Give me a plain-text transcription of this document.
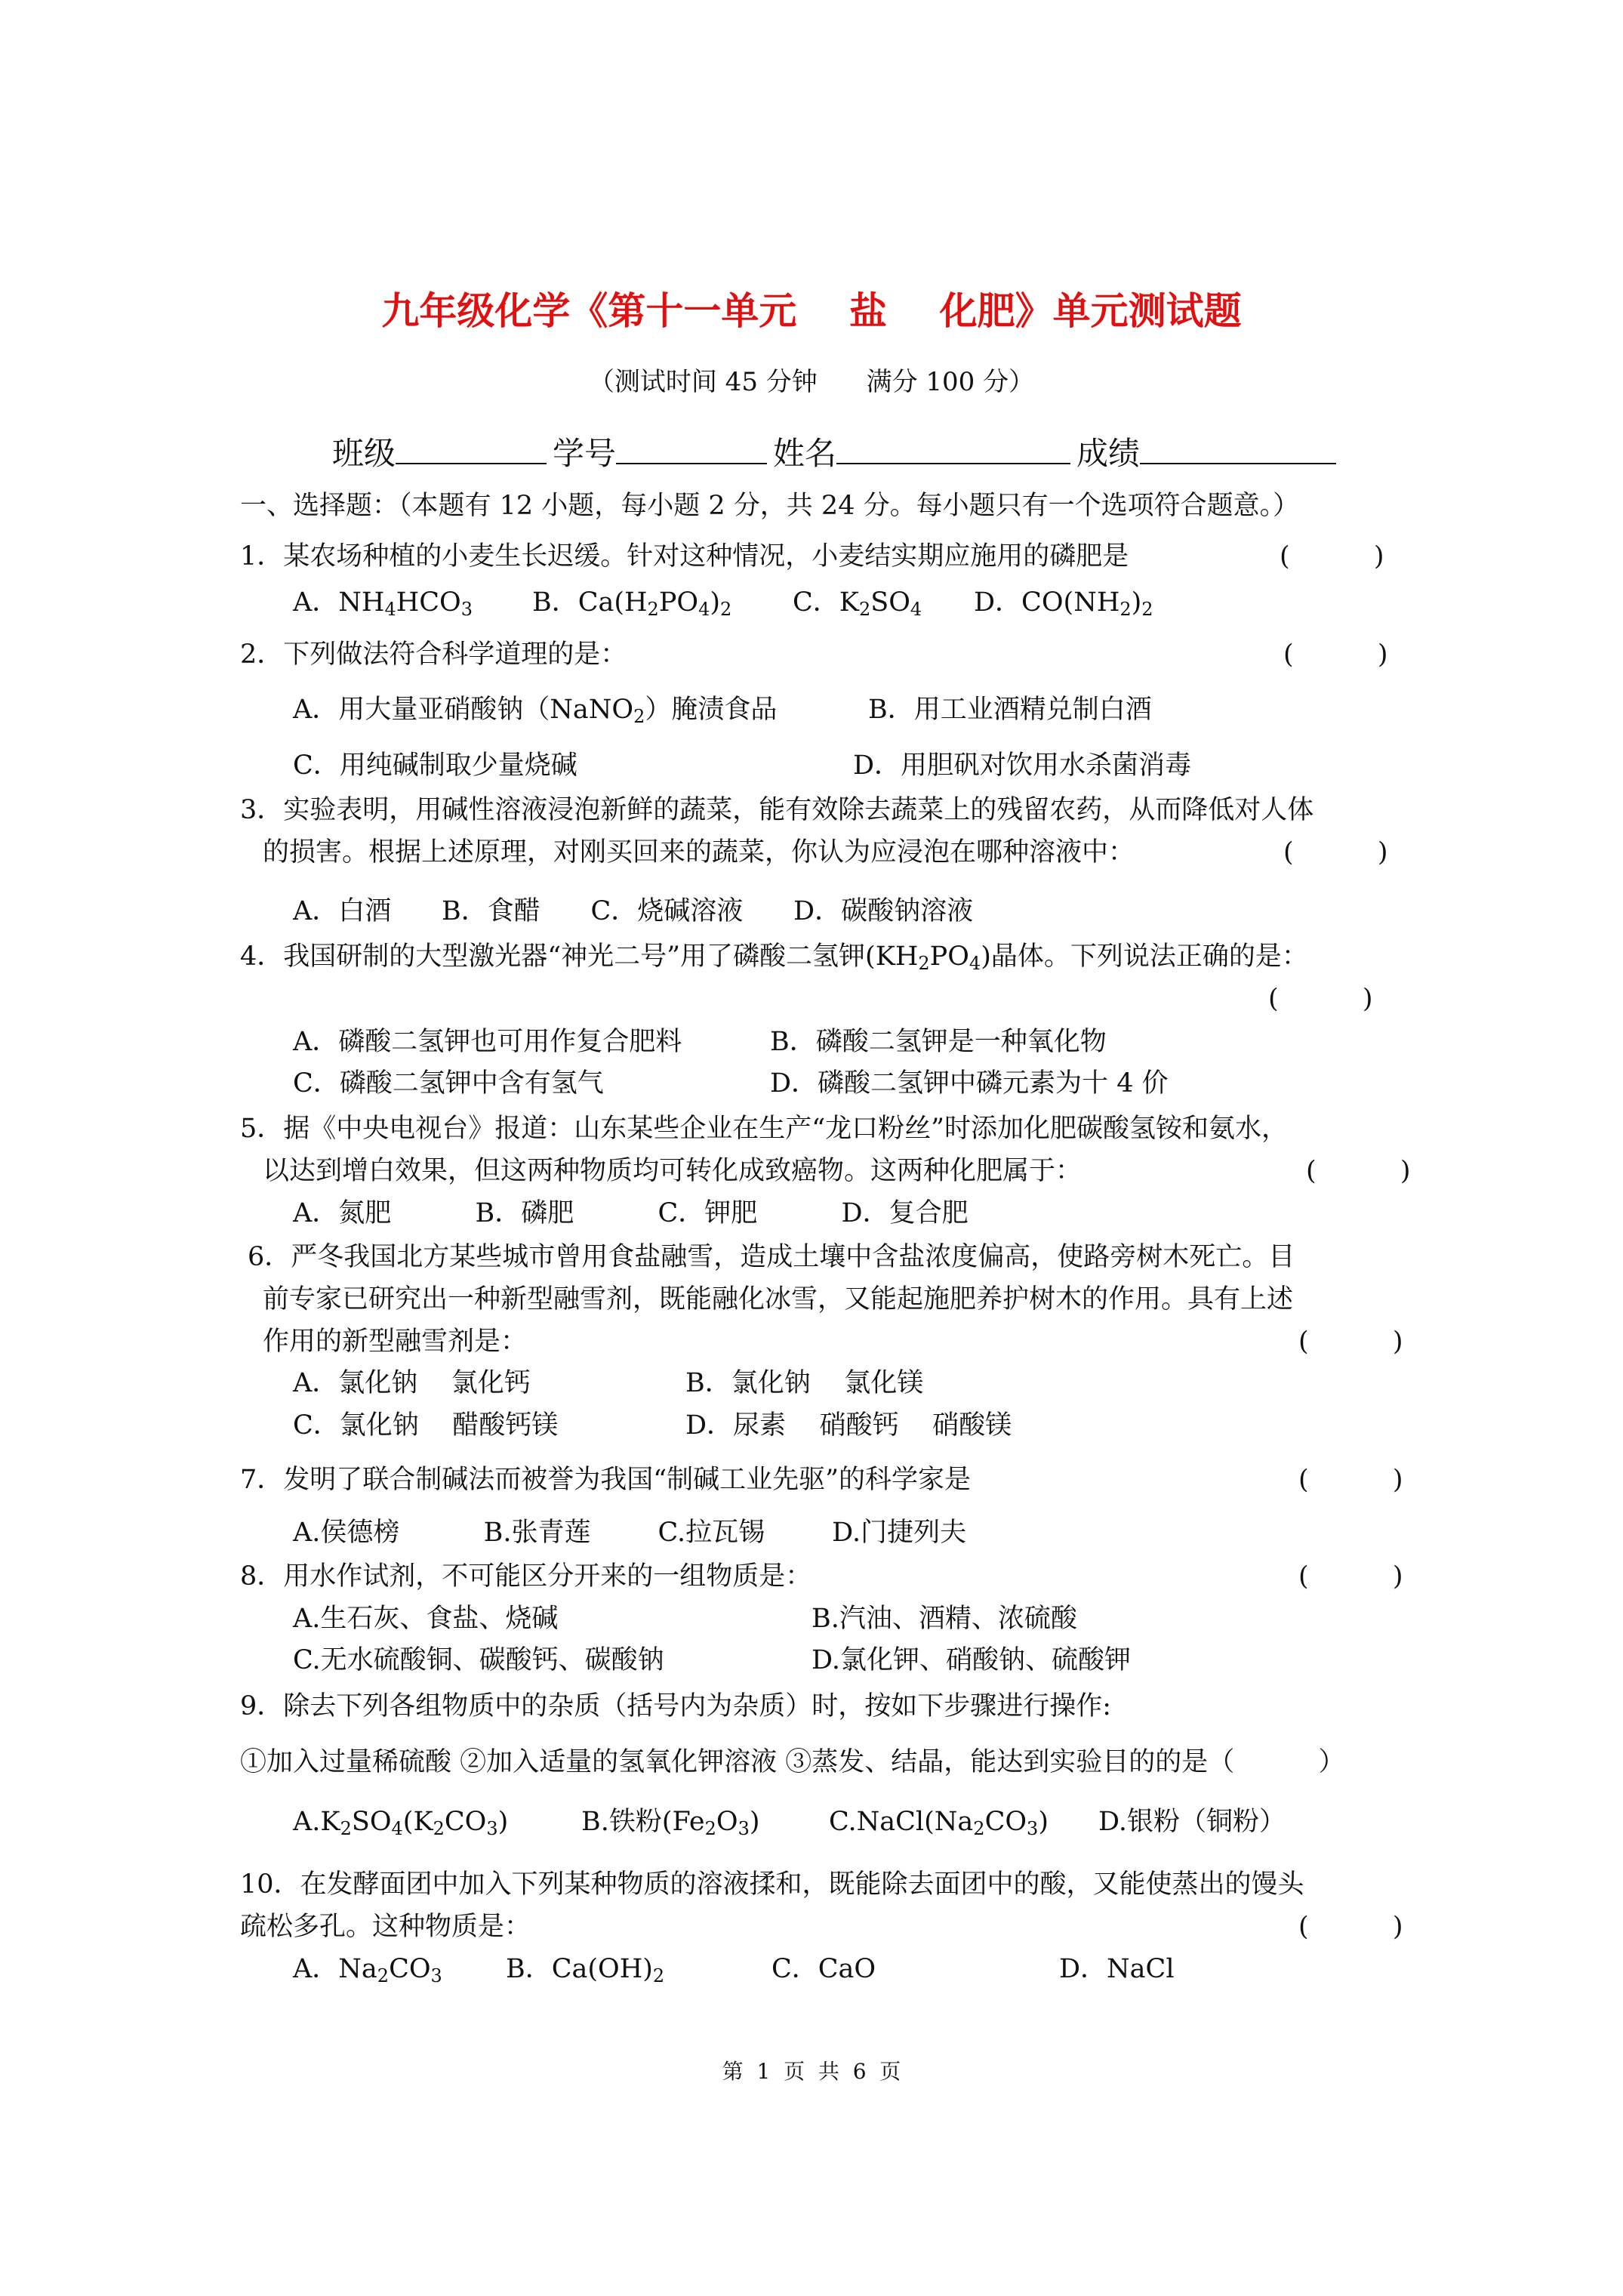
九年级化学《第十一单元    盐    化肥》单元测试题
（测试时间 45 分钟      满分 100 分）
班级	学号	姓名	成绩
一、选择题：（本题有 12 小题，每小题 2 分，共 24 分。每小题只有一个选项符合题意。）
1．某农场种植的小麦生长迟缓。针对这种情况，小麦结实期应施用的磷肥是	(          )
A．$NH_4HCO_3$ B．$Ca(H_2PO_4)_2$ C．$K_2SO_4$ D．$CO(NH_2)_2$
2．下列做法符合科学道理的是：	(          )
A．用大量亚硝酸钠（NaNO$_2$）腌渍食品	B．用工业酒精兑制白酒
C．用纯碱制取少量烧碱	D．用胆矾对饮用水杀菌消毒
3．实验表明，用碱性溶液浸泡新鲜的蔬菜，能有效除去蔬菜上的残留农药，从而降低对人体
的损害。根据上述原理，对刚买回来的蔬菜，你认为应浸泡在哪种溶液中：	(          )
A．白酒      B．食醋      C．烧碱溶液      D．碳酸钠溶液
4．我国研制的大型激光器“神光二号”用了磷酸二氢钾$(KH_2PO_4)$晶体。下列说法正确的是：
(          )
A．磷酸二氢钾也可用作复合肥料	B．磷酸二氢钾是一种氧化物
C．磷酸二氢钾中含有氢气	D．磷酸二氢钾中磷元素为十 4 价
5．据《中央电视台》报道：山东某些企业在生产“龙口粉丝”时添加化肥碳酸氢铵和氨水，
以达到增白效果，但这两种物质均可转化成致癌物。这两种化肥属于：	(          )
A．氮肥          B．磷肥          C．钾肥          D．复合肥
6．严冬我国北方某些城市曾用食盐融雪，造成土壤中含盐浓度偏高，使路旁树木死亡。目
前专家已研究出一种新型融雪剂，既能融化冰雪，又能起施肥养护树木的作用。具有上述
作用的新型融雪剂是：	(          )
A．氯化钠    氯化钙	B．氯化钠    氯化镁
C．氯化钠    醋酸钙镁	D．尿素    硝酸钙    硝酸镁
7．发明了联合制碱法而被誉为我国“制碱工业先驱”的科学家是	(          )
A.侯德榜          B.张青莲        C.拉瓦锡        D.门捷列夫
8．用水作试剂，不可能区分开来的一组物质是：	(          )
A.生石灰、食盐、烧碱	B.汽油、酒精、浓硫酸
C.无水硫酸铜、碳酸钙、碳酸钠	D.氯化钾、硝酸钠、硫酸钾
9．除去下列各组物质中的杂质（括号内为杂质）时，按如下步骤进行操作:
①加入过量稀硫酸 ②加入适量的氢氧化钾溶液 ③蒸发、结晶，能达到实验目的的是（          ）
$A.K_2SO_4(K_2CO_3)$	B.铁粉$(Fe_2O_3)$	$C.NaCl(Na_2CO_3)$ D.银粉（铜粉）
10．在发酵面团中加入下列某种物质的溶液揉和，既能除去面团中的酸，又能使蒸出的馒头
疏松多孔。这种物质是：	(          )
A．$Na_2CO_3$ B．$Ca(OH)_2$	C．CaO	D．NaCl
第  1  页  共  6  页
